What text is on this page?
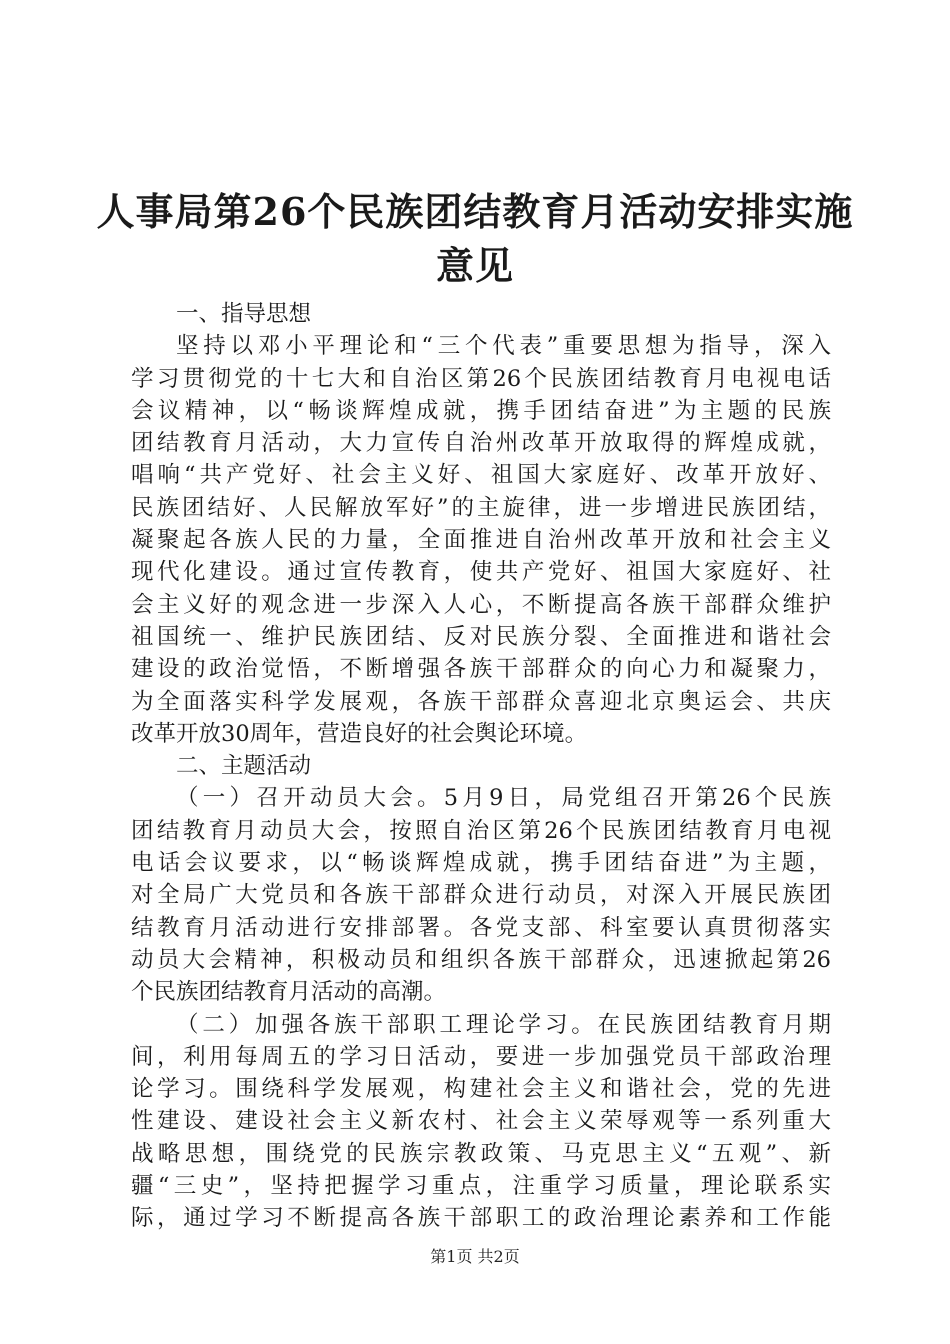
人事局第26个民族团结教育月活动安排实施
意见
一、指导思想
坚持以邓小平理论和“三个代表”重要思想为指导，深入
学习贯彻党的十七大和自治区第26个民族团结教育月电视电话
会议精神，以“畅谈辉煌成就，携手团结奋进”为主题的民族
团结教育月活动，大力宣传自治州改革开放取得的辉煌成就，
唱响“共产党好、社会主义好、祖国大家庭好、改革开放好、
民族团结好、人民解放军好”的主旋律，进一步增进民族团结，
凝聚起各族人民的力量，全面推进自治州改革开放和社会主义
现代化建设。通过宣传教育，使共产党好、祖国大家庭好、社
会主义好的观念进一步深入人心，不断提高各族干部群众维护
祖国统一、维护民族团结、反对民族分裂、全面推进和谐社会
建设的政治觉悟，不断增强各族干部群众的向心力和凝聚力，
为全面落实科学发展观，各族干部群众喜迎北京奥运会、共庆
改革开放30周年，营造良好的社会舆论环境。
二、主题活动
（一）召开动员大会。5月9日，局党组召开第26个民族
团结教育月动员大会，按照自治区第26个民族团结教育月电视
电话会议要求，以“畅谈辉煌成就，携手团结奋进”为主题，
对全局广大党员和各族干部群众进行动员，对深入开展民族团
结教育月活动进行安排部署。各党支部、科室要认真贯彻落实
动员大会精神，积极动员和组织各族干部群众，迅速掀起第26
个民族团结教育月活动的高潮。
（二）加强各族干部职工理论学习。在民族团结教育月期
间，利用每周五的学习日活动，要进一步加强党员干部政治理
论学习。围绕科学发展观，构建社会主义和谐社会，党的先进
性建设、建设社会主义新农村、社会主义荣辱观等一系列重大
战略思想，围绕党的民族宗教政策、马克思主义“五观”、新
疆“三史”，坚持把握学习重点，注重学习质量，理论联系实
际，通过学习不断提高各族干部职工的政治理论素养和工作能
第1页 共2页
